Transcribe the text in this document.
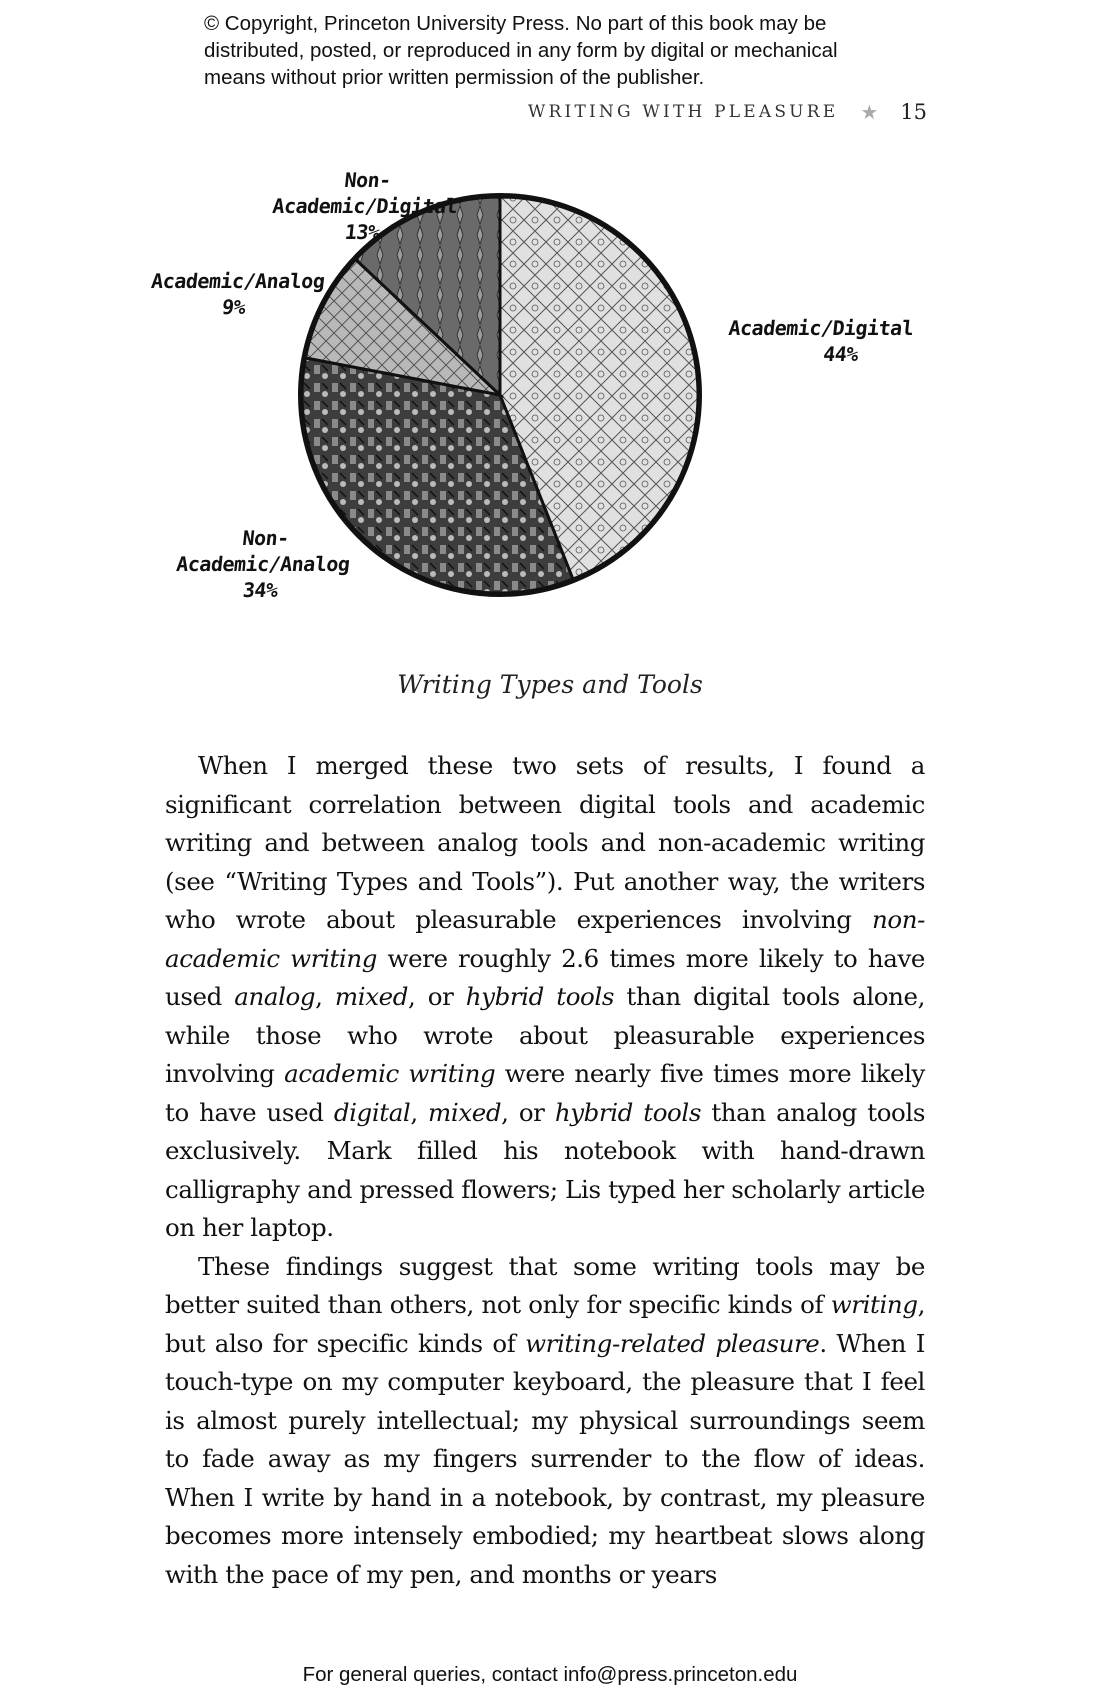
© Copyright, Princeton University Press. No part of this book may be
distributed, posted, or reproduced in any form by digital or mechanical
means without prior written permission of the publisher.
WRITING WITH PLEASURE ★ 15
Non-Academic/Digital
13%
Academic/Analog
9%
Academic/Digital
44%
Non-Academic/Analog
34%
Writing Types and Tools

When I merged these two sets of results, I found a significant correlation between digital tools and academic writing and between analog tools and non-academic writing (see “Writing Types and Tools”). Put another way, the writers who wrote about pleasurable experiences involving non-academic writing were roughly 2.6 times more likely to have used analog, mixed, or hybrid tools than digital tools alone, while those who wrote about pleasurable experiences involving academic writing were nearly five times more likely to have used digital, mixed, or hybrid tools than analog tools exclusively. Mark filled his notebook with hand-drawn calligraphy and pressed flowers; Lis typed her scholarly article on her laptop.

These findings suggest that some writing tools may be better suited than others, not only for specific kinds of writing, but also for specific kinds of writing-related pleasure. When I touch-type on my computer keyboard, the pleasure that I feel is almost purely intellectual; my physical surroundings seem to fade away as my fingers surrender to the flow of ideas. When I write by hand in a notebook, by contrast, my pleasure becomes more intensely embodied; my heartbeat slows along with the pace of my pen, and months or years

For general queries, contact info@press.princeton.edu
